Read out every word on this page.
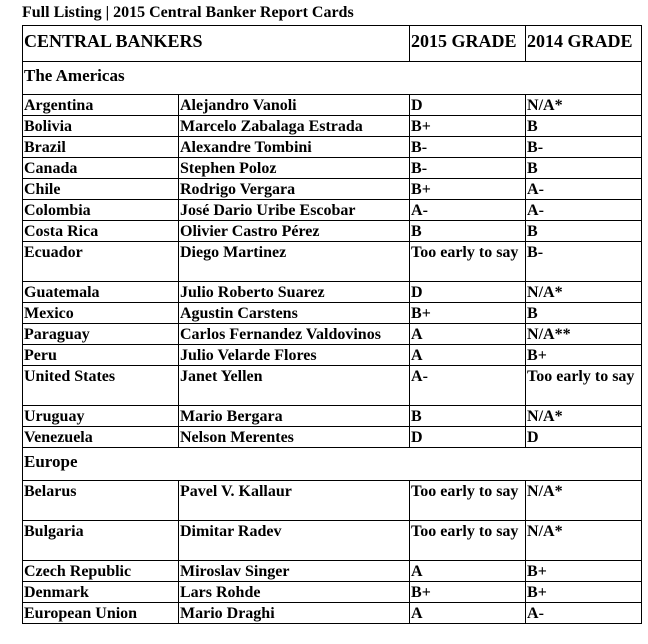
Full Listing | 2015 Central Banker Report Cards
CENTRAL BANKERS		2015 GRADE	2014 GRADE
The Americas			
Argentina	Alejandro Vanoli	D	N/A*
Bolivia	Marcelo Zabalaga Estrada	B+	B
Brazil	Alexandre Tombini	B-	B-
Canada	Stephen Poloz	B-	B
Chile	Rodrigo Vergara	B+	A-
Colombia	José Dario Uribe Escobar	A-	A-
Costa Rica	Olivier Castro Pérez	B	B
Ecuador	Diego Martinez	Too early to say	B-
Guatemala	Julio Roberto Suarez	D	N/A*
Mexico	Agustin Carstens	B+	B
Paraguay	Carlos Fernandez Valdovinos	A	N/A**
Peru	Julio Velarde Flores	A	B+
United States	Janet Yellen	A-	Too early to say
Uruguay	Mario Bergara	B	N/A*
Venezuela	Nelson Merentes	D	D
Europe			
Belarus	Pavel V. Kallaur	Too early to say	N/A*
Bulgaria	Dimitar Radev	Too early to say	N/A*
Czech Republic	Miroslav Singer	A	B+
Denmark	Lars Rohde	B+	B+
European Union	Mario Draghi	A	A-
